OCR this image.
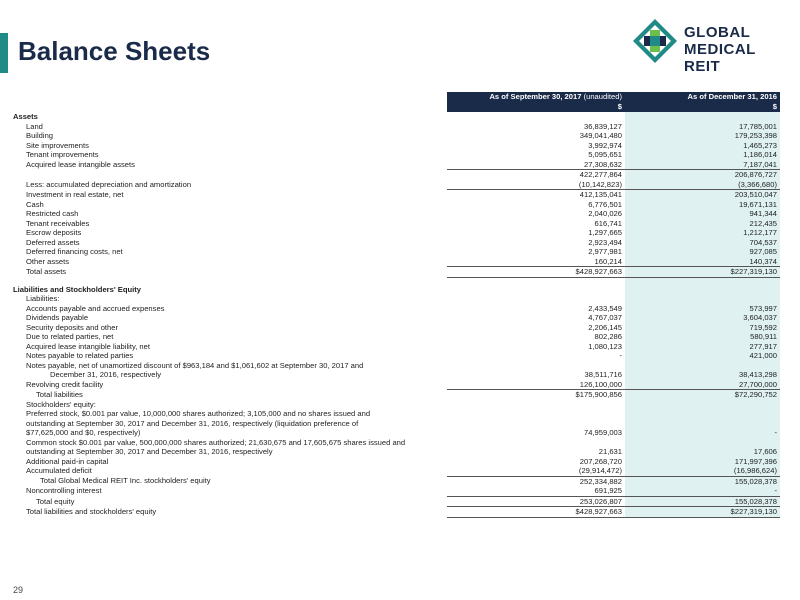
Balance Sheets
GLOBAL
MEDICAL REIT
	As of September 30, 2017 (unaudited)	As of December 31, 2016
	$	$
Assets		
Land	36,839,127	17,785,001
Building	349,041,480	179,253,398
Site improvements	3,992,974	1,465,273
Tenant improvements	5,095,651	1,186,014
Acquired lease intangible assets	27,308,632	7,187,041
	422,277,864	206,876,727
Less: accumulated depreciation and amortization	(10,142,823)	(3,366,680)
Investment in real estate, net	412,135,041	203,510,047
Cash	6,776,501	19,671,131
Restricted cash	2,040,026	941,344
Tenant receivables	616,741	212,435
Escrow deposits	1,297,665	1,212,177
Deferred assets	2,923,494	704,537
Deferred financing costs, net	2,977,981	927,085
Other assets	160,214	140,374
Total assets	$428,927,663	$227,319,130

Liabilities and Stockholders' Equity		
Liabilities:		
Accounts payable and accrued expenses	2,433,549	573,997
Dividends payable	4,767,037	3,604,037
Security deposits and other	2,206,145	719,592
Due to related parties, net	802,286	580,911
Acquired lease intangible liability, net	1,080,123	277,917
Notes payable to related parties	-	421,000
Notes payable, net of unamortized discount of $963,184 and $1,061,602 at September 30, 2017 and		
December 31, 2016, respectively	38,511,716	38,413,298
Revolving credit facility	126,100,000	27,700,000
Total liabilities	$175,900,856	$72,290,752
Stockholders' equity:		
Preferred stock, $0.001 par value, 10,000,000 shares authorized; 3,105,000 and no shares issued and		
outstanding at September 30, 2017 and December 31, 2016, respectively (liquidation preference of		
$77,625,000 and $0, respectively)	74,959,003	-
Common stock $0.001 par value, 500,000,000 shares authorized; 21,630,675 and 17,605,675 shares issued and		
outstanding at September 30, 2017 and December 31, 2016, respectively	21,631	17,606
Additional paid-in capital	207,268,720	171,997,396
Accumulated deficit	(29,914,472)	(16,986,624)
Total Global Medical REIT Inc. stockholders' equity	252,334,882	155,028,378
Noncontrolling interest	691,925	-
Total equity	253,026,807	155,028,378
Total liabilities and stockholders' equity	$428,927,663	$227,319,130
29
